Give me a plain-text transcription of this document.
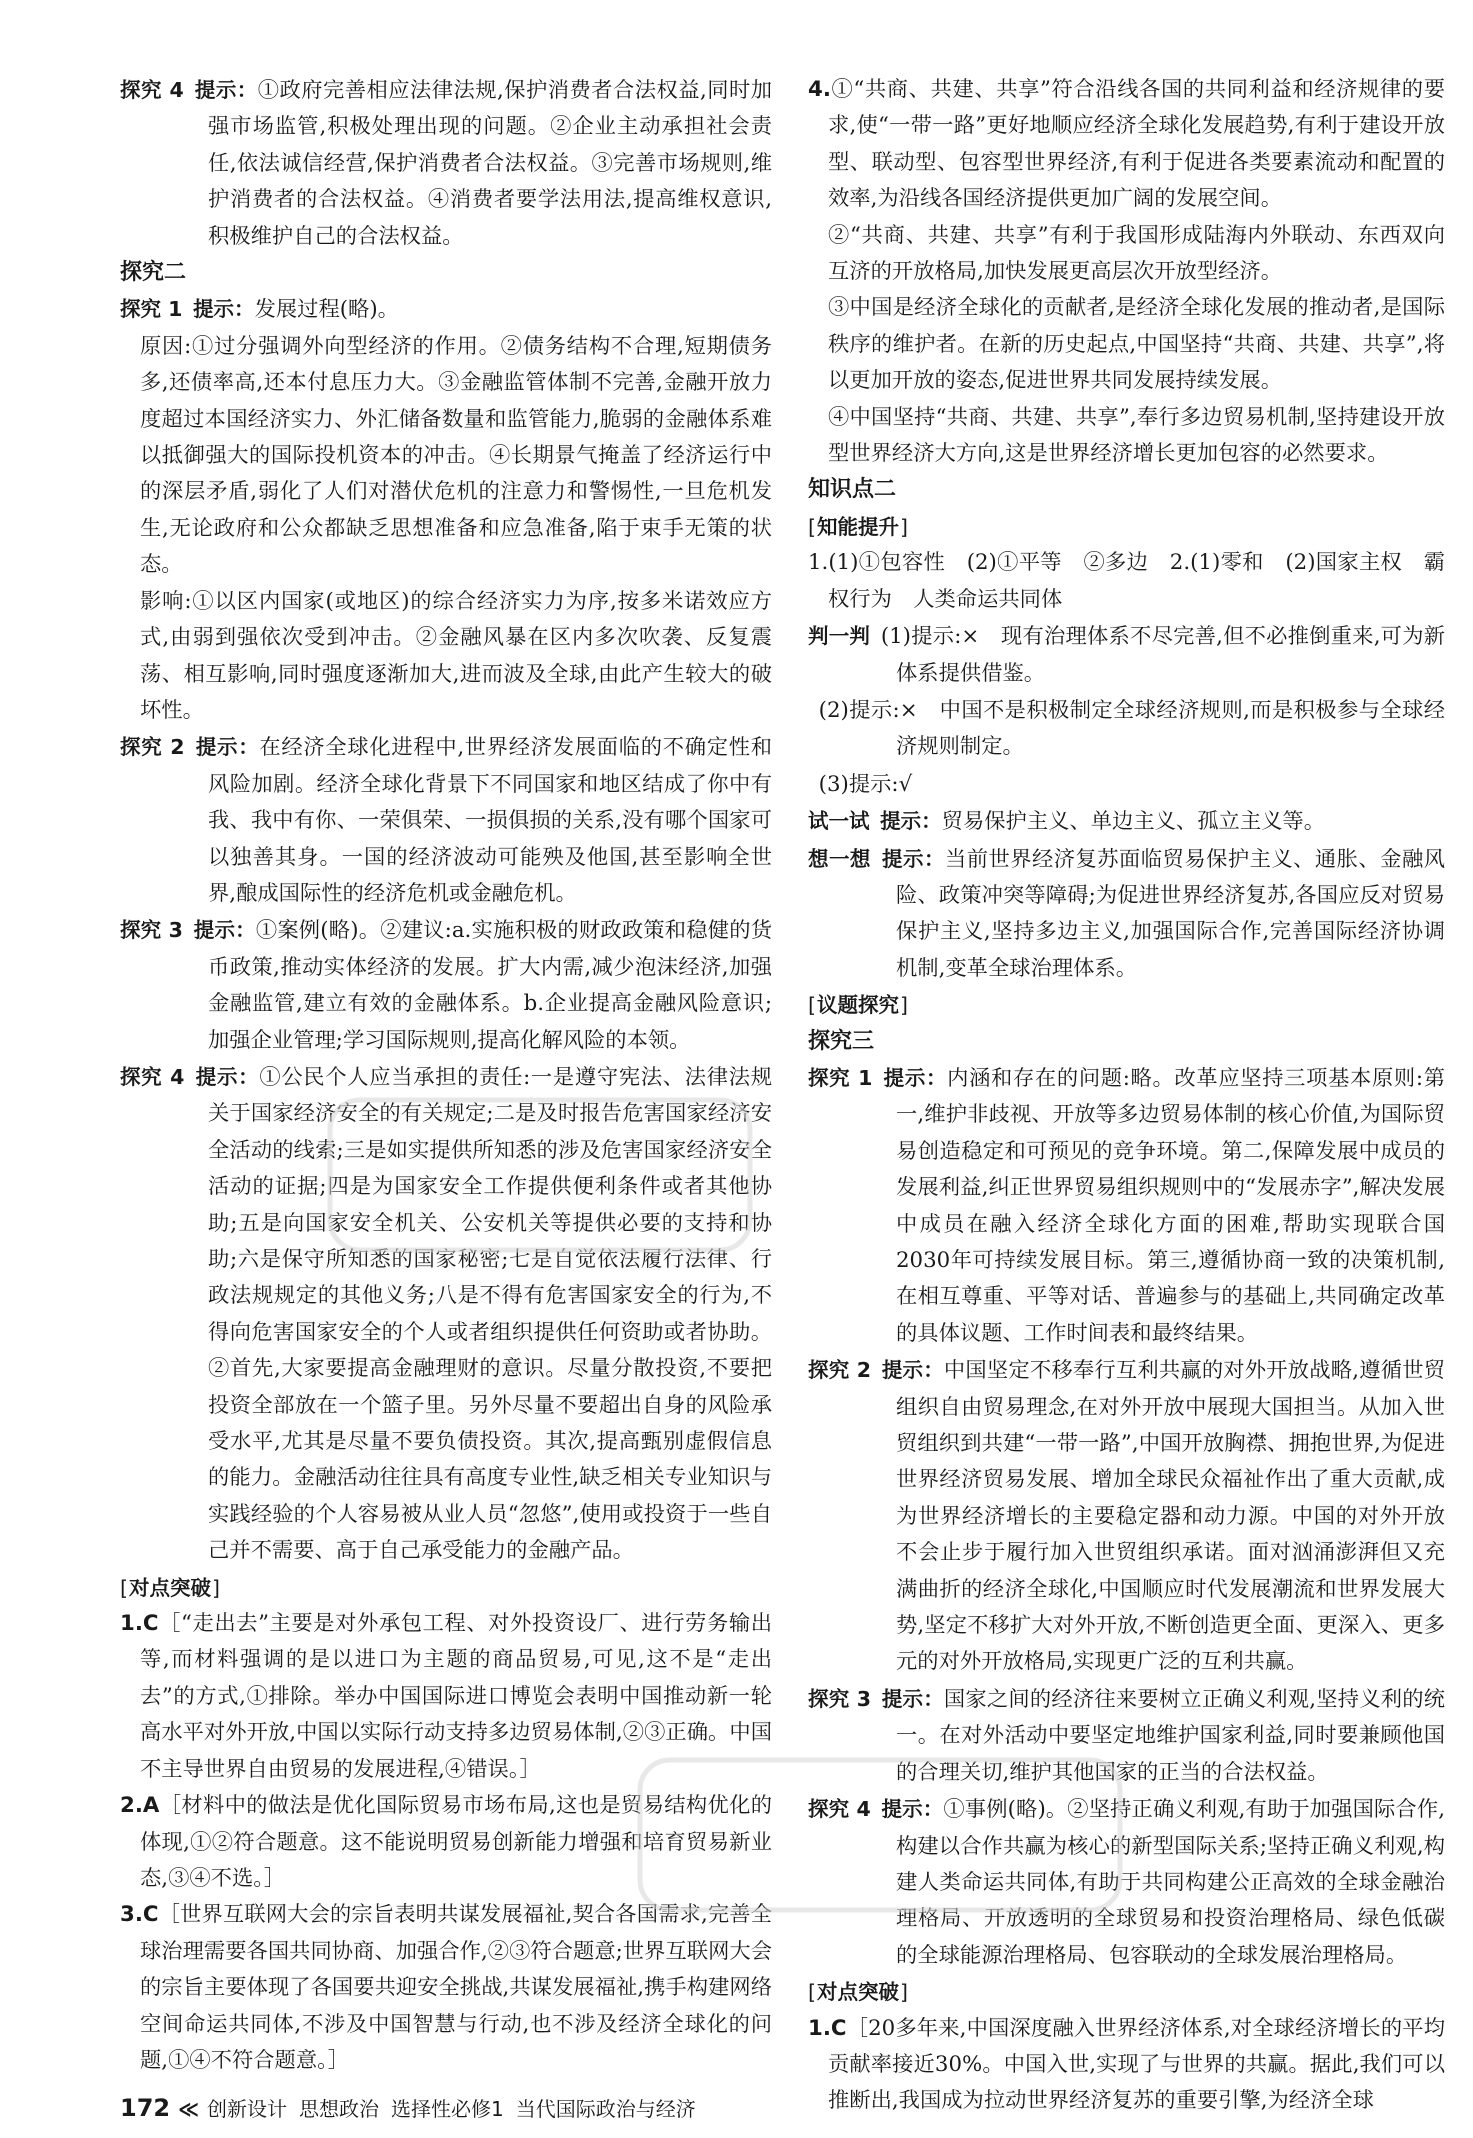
探究 4  提示：①政府完善相应法律法规,保护消费者合法权益,同时加强市场监管,积极处理出现的问题。②企业主动承担社会责任,依法诚信经营,保护消费者合法权益。③完善市场规则,维护消费者的合法权益。④消费者要学法用法,提高维权意识,积极维护自己的合法权益。

探究二

探究 1  提示：发展过程(略)。

原因:①过分强调外向型经济的作用。②债务结构不合理,短期债务多,还债率高,还本付息压力大。③金融监管体制不完善,金融开放力度超过本国经济实力、外汇储备数量和监管能力,脆弱的金融体系难以抵御强大的国际投机资本的冲击。④长期景气掩盖了经济运行中的深层矛盾,弱化了人们对潜伏危机的注意力和警惕性,一旦危机发生,无论政府和公众都缺乏思想准备和应急准备,陷于束手无策的状态。

影响:①以区内国家(或地区)的综合经济实力为序,按多米诺效应方式,由弱到强依次受到冲击。②金融风暴在区内多次吹袭、反复震荡、相互影响,同时强度逐渐加大,进而波及全球,由此产生较大的破坏性。

探究 2  提示：在经济全球化进程中,世界经济发展面临的不确定性和风险加剧。经济全球化背景下不同国家和地区结成了你中有我、我中有你、一荣俱荣、一损俱损的关系,没有哪个国家可以独善其身。一国的经济波动可能殃及他国,甚至影响全世界,酿成国际性的经济危机或金融危机。

探究 3  提示：①案例(略)。②建议:a.实施积极的财政政策和稳健的货币政策,推动实体经济的发展。扩大内需,减少泡沫经济,加强金融监管,建立有效的金融体系。b.企业提高金融风险意识;加强企业管理;学习国际规则,提高化解风险的本领。

探究 4  提示：①公民个人应当承担的责任:一是遵守宪法、法律法规关于国家经济安全的有关规定;二是及时报告危害国家经济安全活动的线索;三是如实提供所知悉的涉及危害国家经济安全活动的证据;四是为国家安全工作提供便利条件或者其他协助;五是向国家安全机关、公安机关等提供必要的支持和协助;六是保守所知悉的国家秘密;七是自觉依法履行法律、行政法规规定的其他义务;八是不得有危害国家安全的行为,不得向危害国家安全的个人或者组织提供任何资助或者协助。②首先,大家要提高金融理财的意识。尽量分散投资,不要把投资全部放在一个篮子里。另外尽量不要超出自身的风险承受水平,尤其是尽量不要负债投资。其次,提高甄别虚假信息的能力。金融活动往往具有高度专业性,缺乏相关专业知识与实践经验的个人容易被从业人员“忽悠”,使用或投资于一些自己并不需要、高于自己承受能力的金融产品。

[ 对点突破 ]

1.C［“走出去”主要是对外承包工程、对外投资设厂、进行劳务输出等,而材料强调的是以进口为主题的商品贸易,可见,这不是“走出去”的方式,①排除。举办中国国际进口博览会表明中国推动新一轮高水平对外开放,中国以实际行动支持多边贸易体制,②③正确。中国不主导世界自由贸易的发展进程,④错误。］

2.A［材料中的做法是优化国际贸易市场布局,这也是贸易结构优化的体现,①②符合题意。这不能说明贸易创新能力增强和培育贸易新业态,③④不选。］

3.C［世界互联网大会的宗旨表明共谋发展福祉,契合各国需求,完善全球治理需要各国共同协商、加强合作,②③符合题意;世界互联网大会的宗旨主要体现了各国要共迎安全挑战,共谋发展福祉,携手构建网络空间命运共同体,不涉及中国智慧与行动,也不涉及经济全球化的问题,①④不符合题意。］

4.①“共商、共建、共享”符合沿线各国的共同利益和经济规律的要求,使“一带一路”更好地顺应经济全球化发展趋势,有利于建设开放型、联动型、包容型世界经济,有利于促进各类要素流动和配置的效率,为沿线各国经济提供更加广阔的发展空间。

②“共商、共建、共享”有利于我国形成陆海内外联动、东西双向互济的开放格局,加快发展更高层次开放型经济。

③中国是经济全球化的贡献者,是经济全球化发展的推动者,是国际秩序的维护者。在新的历史起点,中国坚持“共商、共建、共享”,将以更加开放的姿态,促进世界共同发展持续发展。

④中国坚持“共商、共建、共享”,奉行多边贸易机制,坚持建设开放型世界经济大方向,这是世界经济增长更加包容的必然要求。

知识点二

[ 知能提升 ]

1.(1)①包容性　(2)①平等　②多边　2.(1)零和　(2)国家主权　霸权行为　人类命运共同体

判一判  (1)提示:×　现有治理体系不尽完善,但不必推倒重来,可为新体系提供借鉴。

 (2)提示:×　中国不是积极制定全球经济规则,而是积极参与全球经济规则制定。

 (3)提示:√

试一试  提示：贸易保护主义、单边主义、孤立主义等。

想一想  提示：当前世界经济复苏面临贸易保护主义、通胀、金融风险、政策冲突等障碍;为促进世界经济复苏,各国应反对贸易保护主义,坚持多边主义,加强国际合作,完善国际经济协调机制,变革全球治理体系。

[ 议题探究 ]

探究三

探究 1  提示：内涵和存在的问题:略。改革应坚持三项基本原则:第一,维护非歧视、开放等多边贸易体制的核心价值,为国际贸易创造稳定和可预见的竞争环境。第二,保障发展中成员的发展利益,纠正世界贸易组织规则中的“发展赤字”,解决发展中成员在融入经济全球化方面的困难,帮助实现联合国2030年可持续发展目标。第三,遵循协商一致的决策机制,在相互尊重、平等对话、普遍参与的基础上,共同确定改革的具体议题、工作时间表和最终结果。

探究 2  提示：中国坚定不移奉行互利共赢的对外开放战略,遵循世贸组织自由贸易理念,在对外开放中展现大国担当。从加入世贸组织到共建“一带一路”,中国开放胸襟、拥抱世界,为促进世界经济贸易发展、增加全球民众福祉作出了重大贡献,成为世界经济增长的主要稳定器和动力源。中国的对外开放不会止步于履行加入世贸组织承诺。面对汹涌澎湃但又充满曲折的经济全球化,中国顺应时代发展潮流和世界发展大势,坚定不移扩大对外开放,不断创造更全面、更深入、更多元的对外开放格局,实现更广泛的互利共赢。

探究 3  提示：国家之间的经济往来要树立正确义利观,坚持义利的统一。在对外活动中要坚定地维护国家利益,同时要兼顾他国的合理关切,维护其他国家的正当的合法权益。

探究 4  提示：①事例(略)。②坚持正确义利观,有助于加强国际合作,构建以合作共赢为核心的新型国际关系;坚持正确义利观,构建人类命运共同体,有助于共同构建公正高效的全球金融治理格局、开放透明的全球贸易和投资治理格局、绿色低碳的全球能源治理格局、包容联动的全球发展治理格局。

[ 对点突破 ]

1.C［20多年来,中国深度融入世界经济体系,对全球经济增长的平均贡献率接近30%。中国入世,实现了与世界的共赢。据此,我们可以推断出,我国成为拉动世界经济复苏的重要引擎,为经济全球

172 ≪ 创新设计 思想政治 选择性必修1 当代国际政治与经济
